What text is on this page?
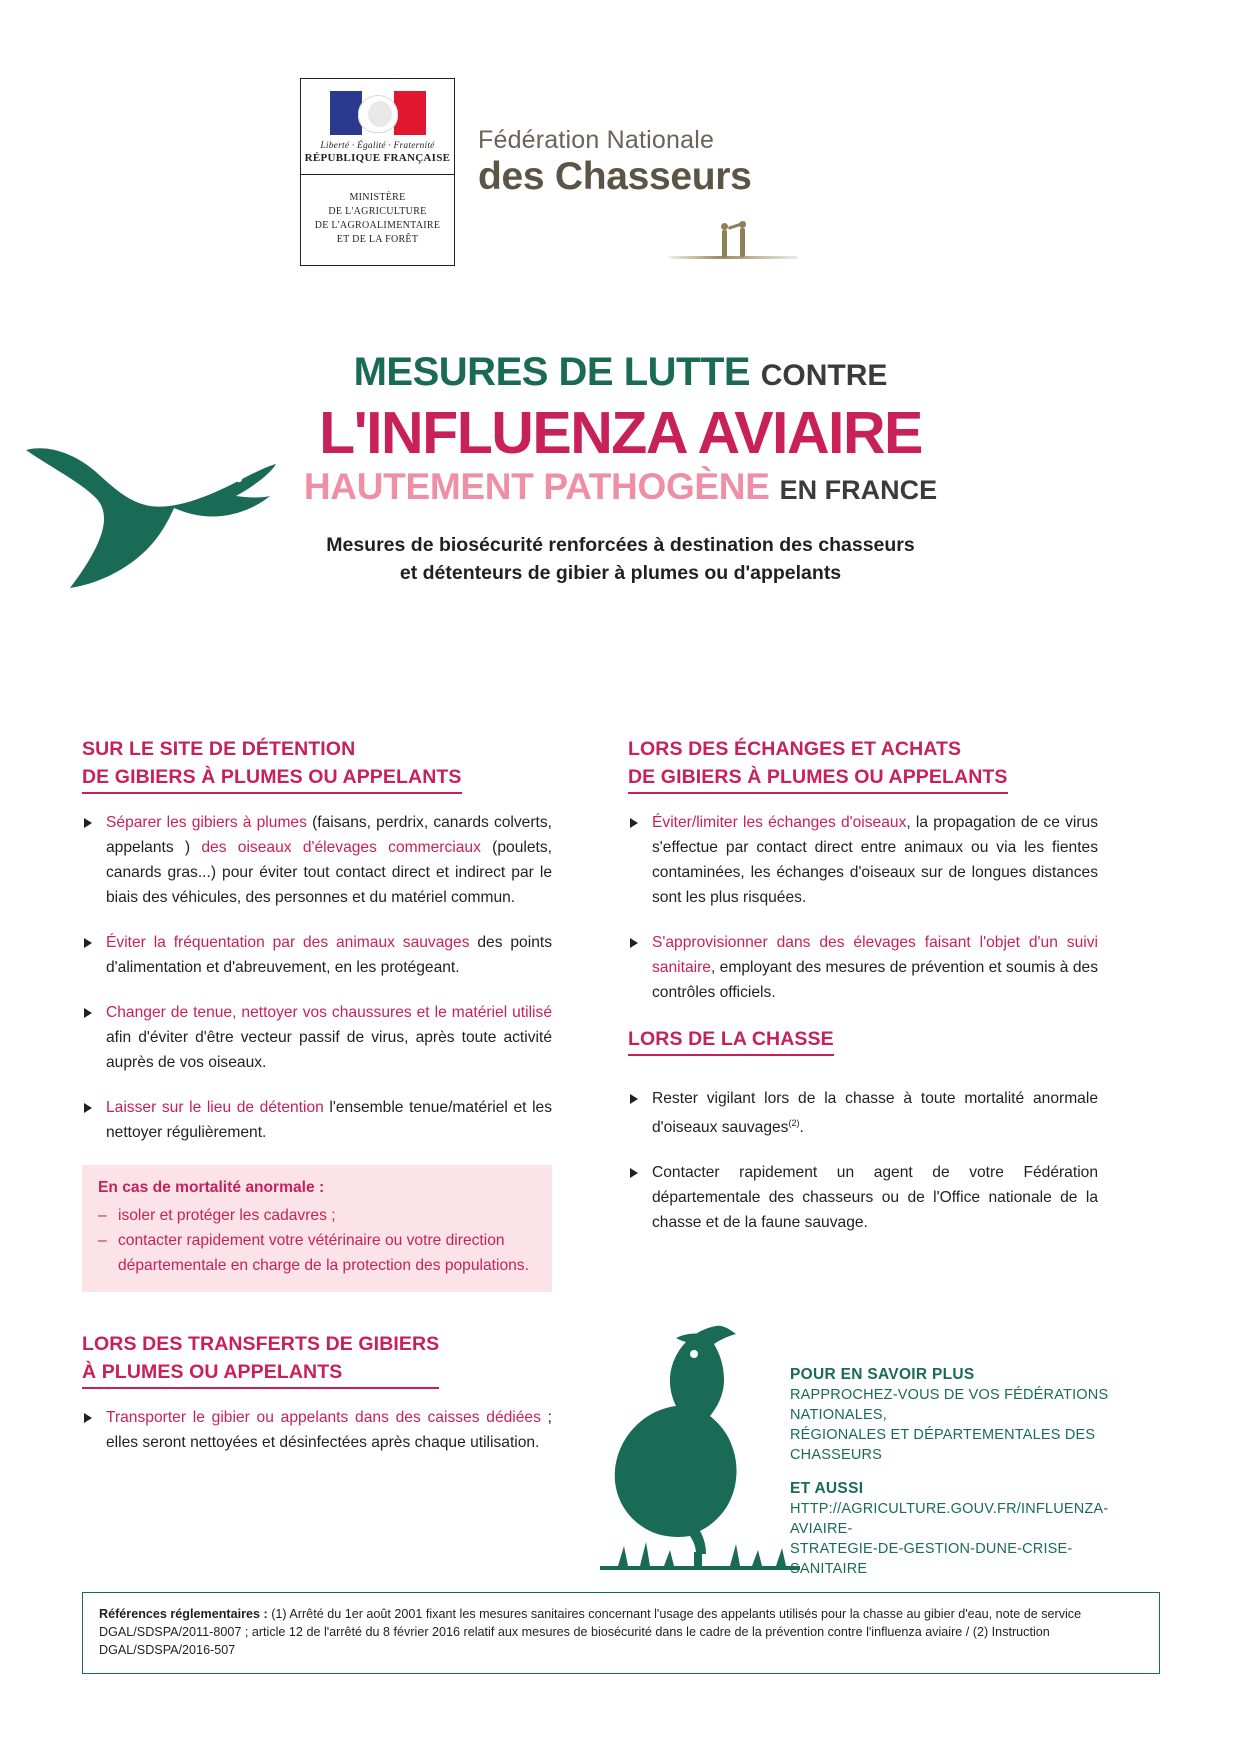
Liberté · Égalité · Fraternité
RÉPUBLIQUE FRANÇAISE
MINISTÈRE
DE L'AGRICULTURE
DE L'AGROALIMENTAIRE
ET DE LA FORÊT
Fédération Nationale
des Chasseurs
MESURES DE LUTTE CONTRE
L'INFLUENZA AVIAIRE
HAUTEMENT PATHOGÈNE EN FRANCE
Mesures de biosécurité renforcées à destination des chasseurs
et détenteurs de gibier à plumes ou d'appelants
SUR LE SITE DE DÉTENTION
DE GIBIERS À PLUMES OU APPELANTS
Séparer les gibiers à plumes (faisans, perdrix, canards colverts, appelants ) des oiseaux d'élevages commerciaux (poulets, canards gras...) pour éviter tout contact direct et indirect par le biais des véhicules, des personnes et du matériel commun.
Éviter la fréquentation par des animaux sauvages des points d'alimentation et d'abreuvement, en les protégeant.
Changer de tenue, nettoyer vos chaussures et le matériel utilisé afin d'éviter d'être vecteur passif de virus, après toute activité auprès de vos oiseaux.
Laisser sur le lieu de détention l'ensemble tenue/matériel et les nettoyer régulièrement.
En cas de mortalité anormale :
– isoler et protéger les cadavres ;
– contacter rapidement votre vétérinaire ou votre direction départementale en charge de la protection des populations.
LORS DES TRANSFERTS DE GIBIERS
À PLUMES OU APPELANTS
Transporter le gibier ou appelants dans des caisses dédiées ; elles seront nettoyées et désinfectées après chaque utilisation.
LORS DES ÉCHANGES ET ACHATS
DE GIBIERS À PLUMES OU APPELANTS
Éviter/limiter les échanges d'oiseaux, la propagation de ce virus s'effectue par contact direct entre animaux ou via les fientes contaminées, les échanges d'oiseaux sur de longues distances sont les plus risquées.
S'approvisionner dans des élevages faisant l'objet d'un suivi sanitaire, employant des mesures de prévention et soumis à des contrôles officiels.
LORS DE LA CHASSE
Rester vigilant lors de la chasse à toute mortalité anormale d'oiseaux sauvages$^{(2)}$.
Contacter rapidement un agent de votre Fédération départementale des chasseurs ou de l'Office nationale de la chasse et de la faune sauvage.
POUR EN SAVOIR PLUS
RAPPROCHEZ-VOUS DE VOS FÉDÉRATIONS NATIONALES,
RÉGIONALES ET DÉPARTEMENTALES DES CHASSEURS
ET AUSSI
HTTP://AGRICULTURE.GOUV.FR/INFLUENZA-AVIAIRE-
STRATEGIE-DE-GESTION-DUNE-CRISE-SANITAIRE

Références réglementaires : (1) Arrêté du 1er août 2001 fixant les mesures sanitaires concernant l'usage des appelants utilisés pour la chasse au gibier d'eau, note de service DGAL/SDSPA/2011-8007 ; article 12 de l'arrêté du 8 février 2016 relatif aux mesures de biosécurité dans le cadre de la prévention contre l'influenza aviaire / (2) Instruction DGAL/SDSPA/2016-507
